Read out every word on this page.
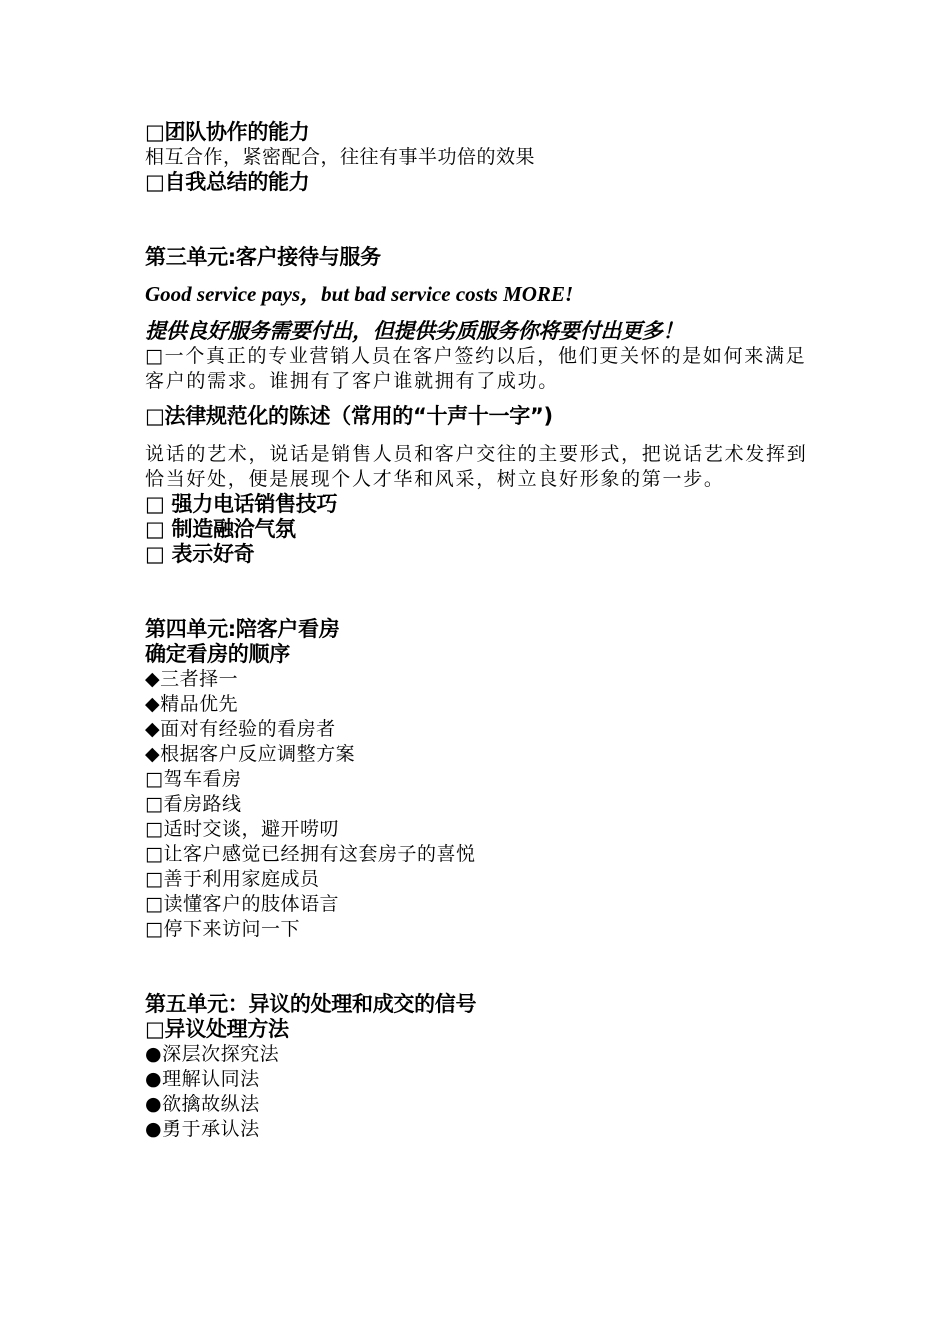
□团队协作的能力
相互合作，紧密配合，往往有事半功倍的效果
□自我总结的能力
第三单元:客户接待与服务
Good service pays，but bad service costs MORE!
提供良好服务需要付出，但提供劣质服务你将要付出更多！
□一个真正的专业营销人员在客户签约以后，他们更关怀的是如何来满足客户的需求。谁拥有了客户谁就拥有了成功。
□法律规范化的陈述（常用的“十声十一字”)
说话的艺术，说话是销售人员和客户交往的主要形式，把说话艺术发挥到恰当好处，便是展现个人才华和风采，树立良好形象的第一步。
□ 强力电话销售技巧
□ 制造融洽气氛
□ 表示好奇
第四单元:陪客户看房
确定看房的顺序
◆三者择一
◆精品优先
◆面对有经验的看房者
◆根据客户反应调整方案
□驾车看房
□看房路线
□适时交谈，避开唠叨
□让客户感觉已经拥有这套房子的喜悦
□善于利用家庭成员
□读懂客户的肢体语言
□停下来访问一下
第五单元：异议的处理和成交的信号
□异议处理方法
●深层次探究法
●理解认同法
●欲擒故纵法
●勇于承认法
